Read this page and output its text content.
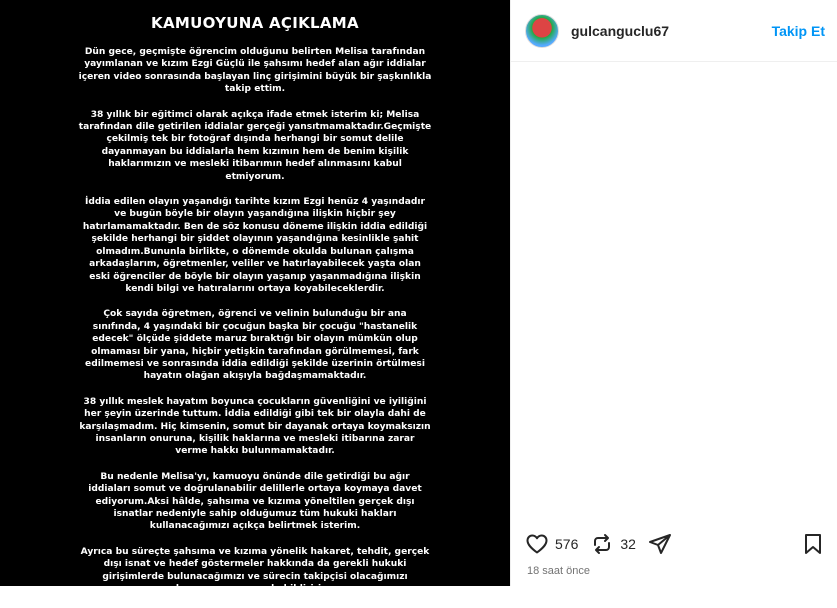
KAMUOYUNA AÇIKLAMA

Dün gece, geçmişte öğrencim olduğunu belirten Melisa tarafından yayımlanan ve kızım Ezgi Güçlü ile şahsımı hedef alan ağır iddialar içeren video sonrasında başlayan linç girişimini büyük bir şaşkınlıkla takip ettim.

38 yıllık bir eğitimci olarak açıkça ifade etmek isterim ki; Melisa tarafından dile getirilen iddialar gerçeği yansıtmamaktadır.Geçmişte çekilmiş tek bir fotoğraf dışında herhangi bir somut delile dayanmayan bu iddialarla hem kızımın hem de benim kişilik haklarımızın ve mesleki itibarımın hedef alınmasını kabul etmiyorum.

İddia edilen olayın yaşandığı tarihte kızım Ezgi henüz 4 yaşındadır ve bugün böyle bir olayın yaşandığına ilişkin hiçbir şey hatırlamamaktadır. Ben de söz konusu döneme ilişkin iddia edildiği şekilde herhangi bir şiddet olayının yaşandığına kesinlikle şahit olmadım.Bununla birlikte, o dönemde okulda bulunan çalışma arkadaşlarım, öğretmenler, veliler ve hatırlayabilecek yaşta olan eski öğrenciler de böyle bir olayın yaşanıp yaşanmadığına ilişkin kendi bilgi ve hatıralarını ortaya koyabileceklerdir.

Çok sayıda öğretmen, öğrenci ve velinin bulunduğu bir ana sınıfında, 4 yaşındaki bir çocuğun başka bir çocuğu "hastanelik edecek" ölçüde şiddete maruz bıraktığı bir olayın mümkün olup olmaması bir yana, hiçbir yetişkin tarafından görülmemesi, fark edilmemesi ve sonrasında iddia edildiği şekilde üzerinin örtülmesi hayatın olağan akışıyla bağdaşmamaktadır.

38 yıllık meslek hayatım boyunca çocukların güvenliğini ve iyiliğini her şeyin üzerinde tuttum. İddia edildiği gibi tek bir olayla dahi de karşılaşmadım. Hiç kimsenin, somut bir dayanak ortaya koymaksızın insanların onuruna, kişilik haklarına ve mesleki itibarına zarar verme hakkı bulunmamaktadır.

Bu nedenle Melisa'yı, kamuoyu önünde dile getirdiği bu ağır iddiaları somut ve doğrulanabilir delillerle ortaya koymaya davet ediyorum.Aksi hâlde, şahsıma ve kızıma yöneltilen gerçek dışı isnatlar nedeniyle sahip olduğumuz tüm hukuki hakları kullanacağımızı açıkça belirtmek isterim.

Ayrıca bu süreçte şahsıma ve kızıma yönelik hakaret, tehdit, gerçek dışı isnat ve hedef göstermeler hakkında da gerekli hukuki girişimlerde bulunacağımızı ve sürecin takipçisi olacağımızı kamuoyuna saygıyla bildiririm.

gulcanguclu67	Takip Et
576	32
18 saat önce
